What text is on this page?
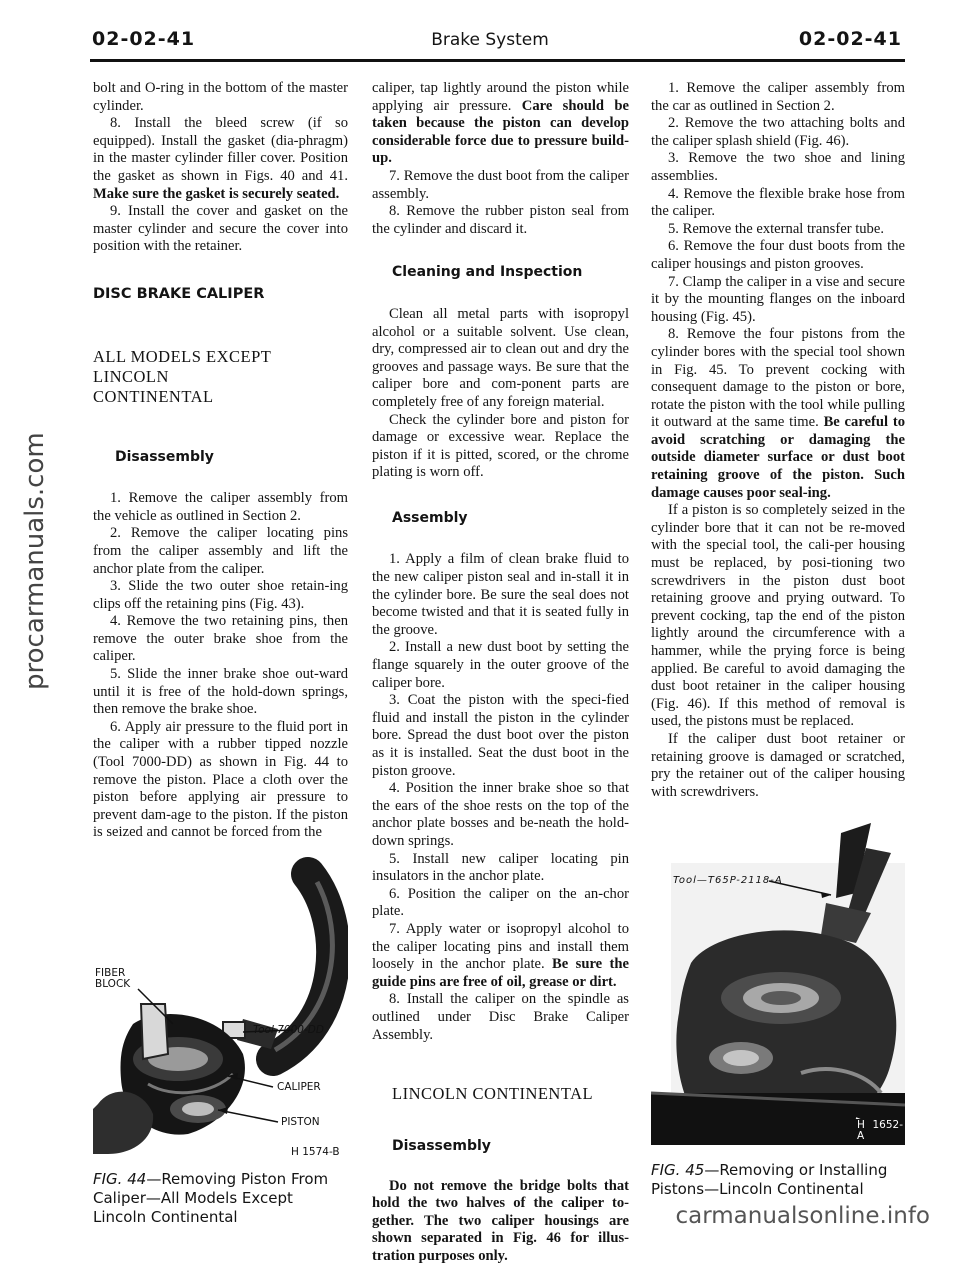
02-02-41	Brake System	02-02-41
procarmanuals.com

bolt and O-ring in the bottom of the master cylinder.

8. Install the bleed screw (if so equipped). Install the gasket (dia-phragm) in the master cylinder filler cover. Position the gasket as shown in Figs. 40 and 41. Make sure the gasket is securely seated.

9. Install the cover and gasket on the master cylinder and secure the cover into position with the retainer.

DISC BRAKE CALIPER

ALL MODELS EXCEPT LINCOLN CONTINENTAL

Disassembly

1. Remove the caliper assembly from the vehicle as outlined in Section 2.

2. Remove the caliper locating pins from the caliper assembly and lift the anchor plate from the caliper.

3. Slide the two outer shoe retain-ing clips off the retaining pins (Fig. 43).

4. Remove the two retaining pins, then remove the outer brake shoe from the caliper.

5. Slide the inner brake shoe out-ward until it is free of the hold-down springs, then remove the brake shoe.

6. Apply air pressure to the fluid port in the caliper with a rubber tipped nozzle (Tool 7000-DD) as shown in Fig. 44 to remove the piston. Place a cloth over the piston before applying air pressure to prevent dam-age to the piston. If the piston is seized and cannot be forced from the

FIBER
BLOCK
Tool 7000-DD
CALIPER
PISTON
H 1574-B

FIG. 44—Removing Piston From Caliper—All Models Except Lincoln Continental

caliper, tap lightly around the piston while applying air pressure. Care should be taken because the piston can develop considerable force due to pressure build-up.

7. Remove the dust boot from the caliper assembly.

8. Remove the rubber piston seal from the cylinder and discard it.

Cleaning and Inspection

Clean all metal parts with isopropyl alcohol or a suitable solvent. Use clean, dry, compressed air to clean out and dry the grooves and passage ways. Be sure that the caliper bore and com-ponent parts are completely free of any foreign material.

Check the cylinder bore and piston for damage or excessive wear. Replace the piston if it is pitted, scored, or the chrome plating is worn off.

Assembly

1. Apply a film of clean brake fluid to the new caliper piston seal and in-stall it in the cylinder bore. Be sure the seal does not become twisted and that it is seated fully in the groove.

2. Install a new dust boot by setting the flange squarely in the outer groove of the caliper bore.

3. Coat the piston with the speci-fied fluid and install the piston in the cylinder bore. Spread the dust boot over the piston as it is installed. Seat the dust boot in the piston groove.

4. Position the inner brake shoe so that the ears of the shoe rests on the top of the anchor plate bosses and be-neath the hold-down springs.

5. Install new caliper locating pin insulators in the anchor plate.

6. Position the caliper on the an-chor plate.

7. Apply water or isopropyl alcohol to the caliper locating pins and install them loosely in the anchor plate. Be sure the guide pins are free of oil, grease or dirt.

8. Install the caliper on the spindle as outlined under Disc Brake Caliper Assembly.

LINCOLN CONTINENTAL

Disassembly

Do not remove the bridge bolts that hold the two halves of the caliper to-gether. The two caliper housings are shown separated in Fig. 46 for illus-tration purposes only.

1. Remove the caliper assembly from the car as outlined in Section 2.

2. Remove the two attaching bolts and the caliper splash shield (Fig. 46).

3. Remove the two shoe and lining assemblies.

4. Remove the flexible brake hose from the caliper.

5. Remove the external transfer tube.

6. Remove the four dust boots from the caliper housings and piston grooves.

7. Clamp the caliper in a vise and secure it by the mounting flanges on the inboard housing (Fig. 45).

8. Remove the four pistons from the cylinder bores with the special tool shown in Fig. 45. To prevent cocking with consequent damage to the piston or bore, rotate the piston with the tool while pulling it outward at the same time. Be careful to avoid scratching or damaging the outside diameter surface or dust boot retaining groove of the piston. Such damage causes poor seal-ing.

If a piston is so completely seized in the cylinder bore that it can not be re-moved with the special tool, the cali-per housing must be replaced, by posi-tioning two screwdrivers in the piston dust boot retaining groove and prying outward. To prevent cocking, tap the end of the piston lightly around the circumference with a hammer, while the prying force is being applied. Be careful to avoid damaging the dust boot retainer in the caliper housing (Fig. 46). If this method of removal is used, the pistons must be replaced.

If the caliper dust boot retainer or retaining groove is damaged or scratched, pry the retainer out of the caliper housing with screwdrivers.

Tool—T65P-2118-A
H 1652-A

FIG. 45—Removing or Installing Pistons—Lincoln Continental

carmanualsonline.info
